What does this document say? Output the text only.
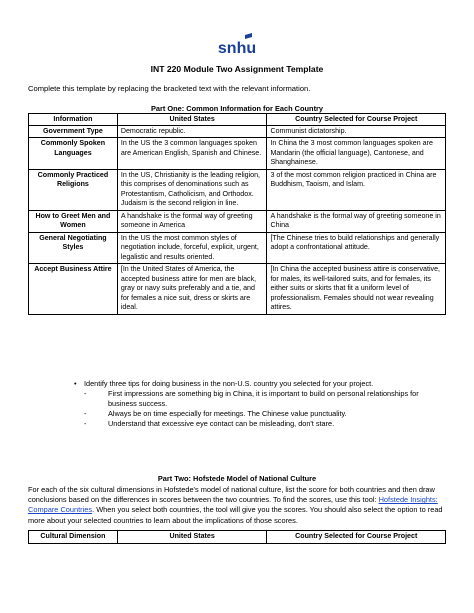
snhu
INT 220 Module Two Assignment Template
Complete this template by replacing the bracketed text with the relevant information.
Part One: Common Information for Each Country
Information	United States	Country Selected for Course Project
Government Type	Democratic republic.	Communist dictatorship.
Commonly Spoken Languages	In the US the 3 common languages spoken are American English, Spanish and Chinese.	In China the 3 most common languages spoken are Mandarin (the official language), Cantonese, and Shanghainese.
Commonly Practiced Religions	In the US, Christianity is the leading religion, this comprises of denominations such as Protestantism, Catholicism, and Orthodox. Judaism is the second religion in line.	3 of the most common religion practiced in China are Buddhism, Taoism, and Islam.
How to Greet Men and Women	A handshake is the formal way of greeting someone in America	A handshake is the formal way of greeting someone in China
General Negotiating Styles	In the US the most common styles of negotiation include, forceful, explicit, urgent, legalistic and results oriented.	[The Chinese tries to build relationships and generally adopt a confrontational attitude.
Accept Business Attire	[In the United States of America, the accepted business attire for men are black, gray or navy suits preferably and a tie, and for females a nice suit, dress or skirts are ideal.	[In China the accepted business attire is conservative, for males, its well-tailored suits, and for females, its either suits or skirts that fit a uniform level of professionalism. Females should not wear revealing attires.
• Identify three tips for doing business in the non-U.S. country you selected for your project.
-	First impressions are something big in China, it is important to build on personal relationships for business success.
-	Always be on time especially for meetings. The Chinese value punctuality.
-	Understand that excessive eye contact can be misleading, don't stare.
Part Two: Hofstede Model of National Culture
For each of the six cultural dimensions in Hofstede's model of national culture, list the score for both countries and then draw conclusions based on the differences in scores between the two countries. To find the scores, use this tool: Hofstede Insights: Compare Countries. When you select both countries, the tool will give you the scores. You should also select the option to read more about your selected countries to learn about the implications of those scores.
Cultural Dimension	United States	Country Selected for Course Project
